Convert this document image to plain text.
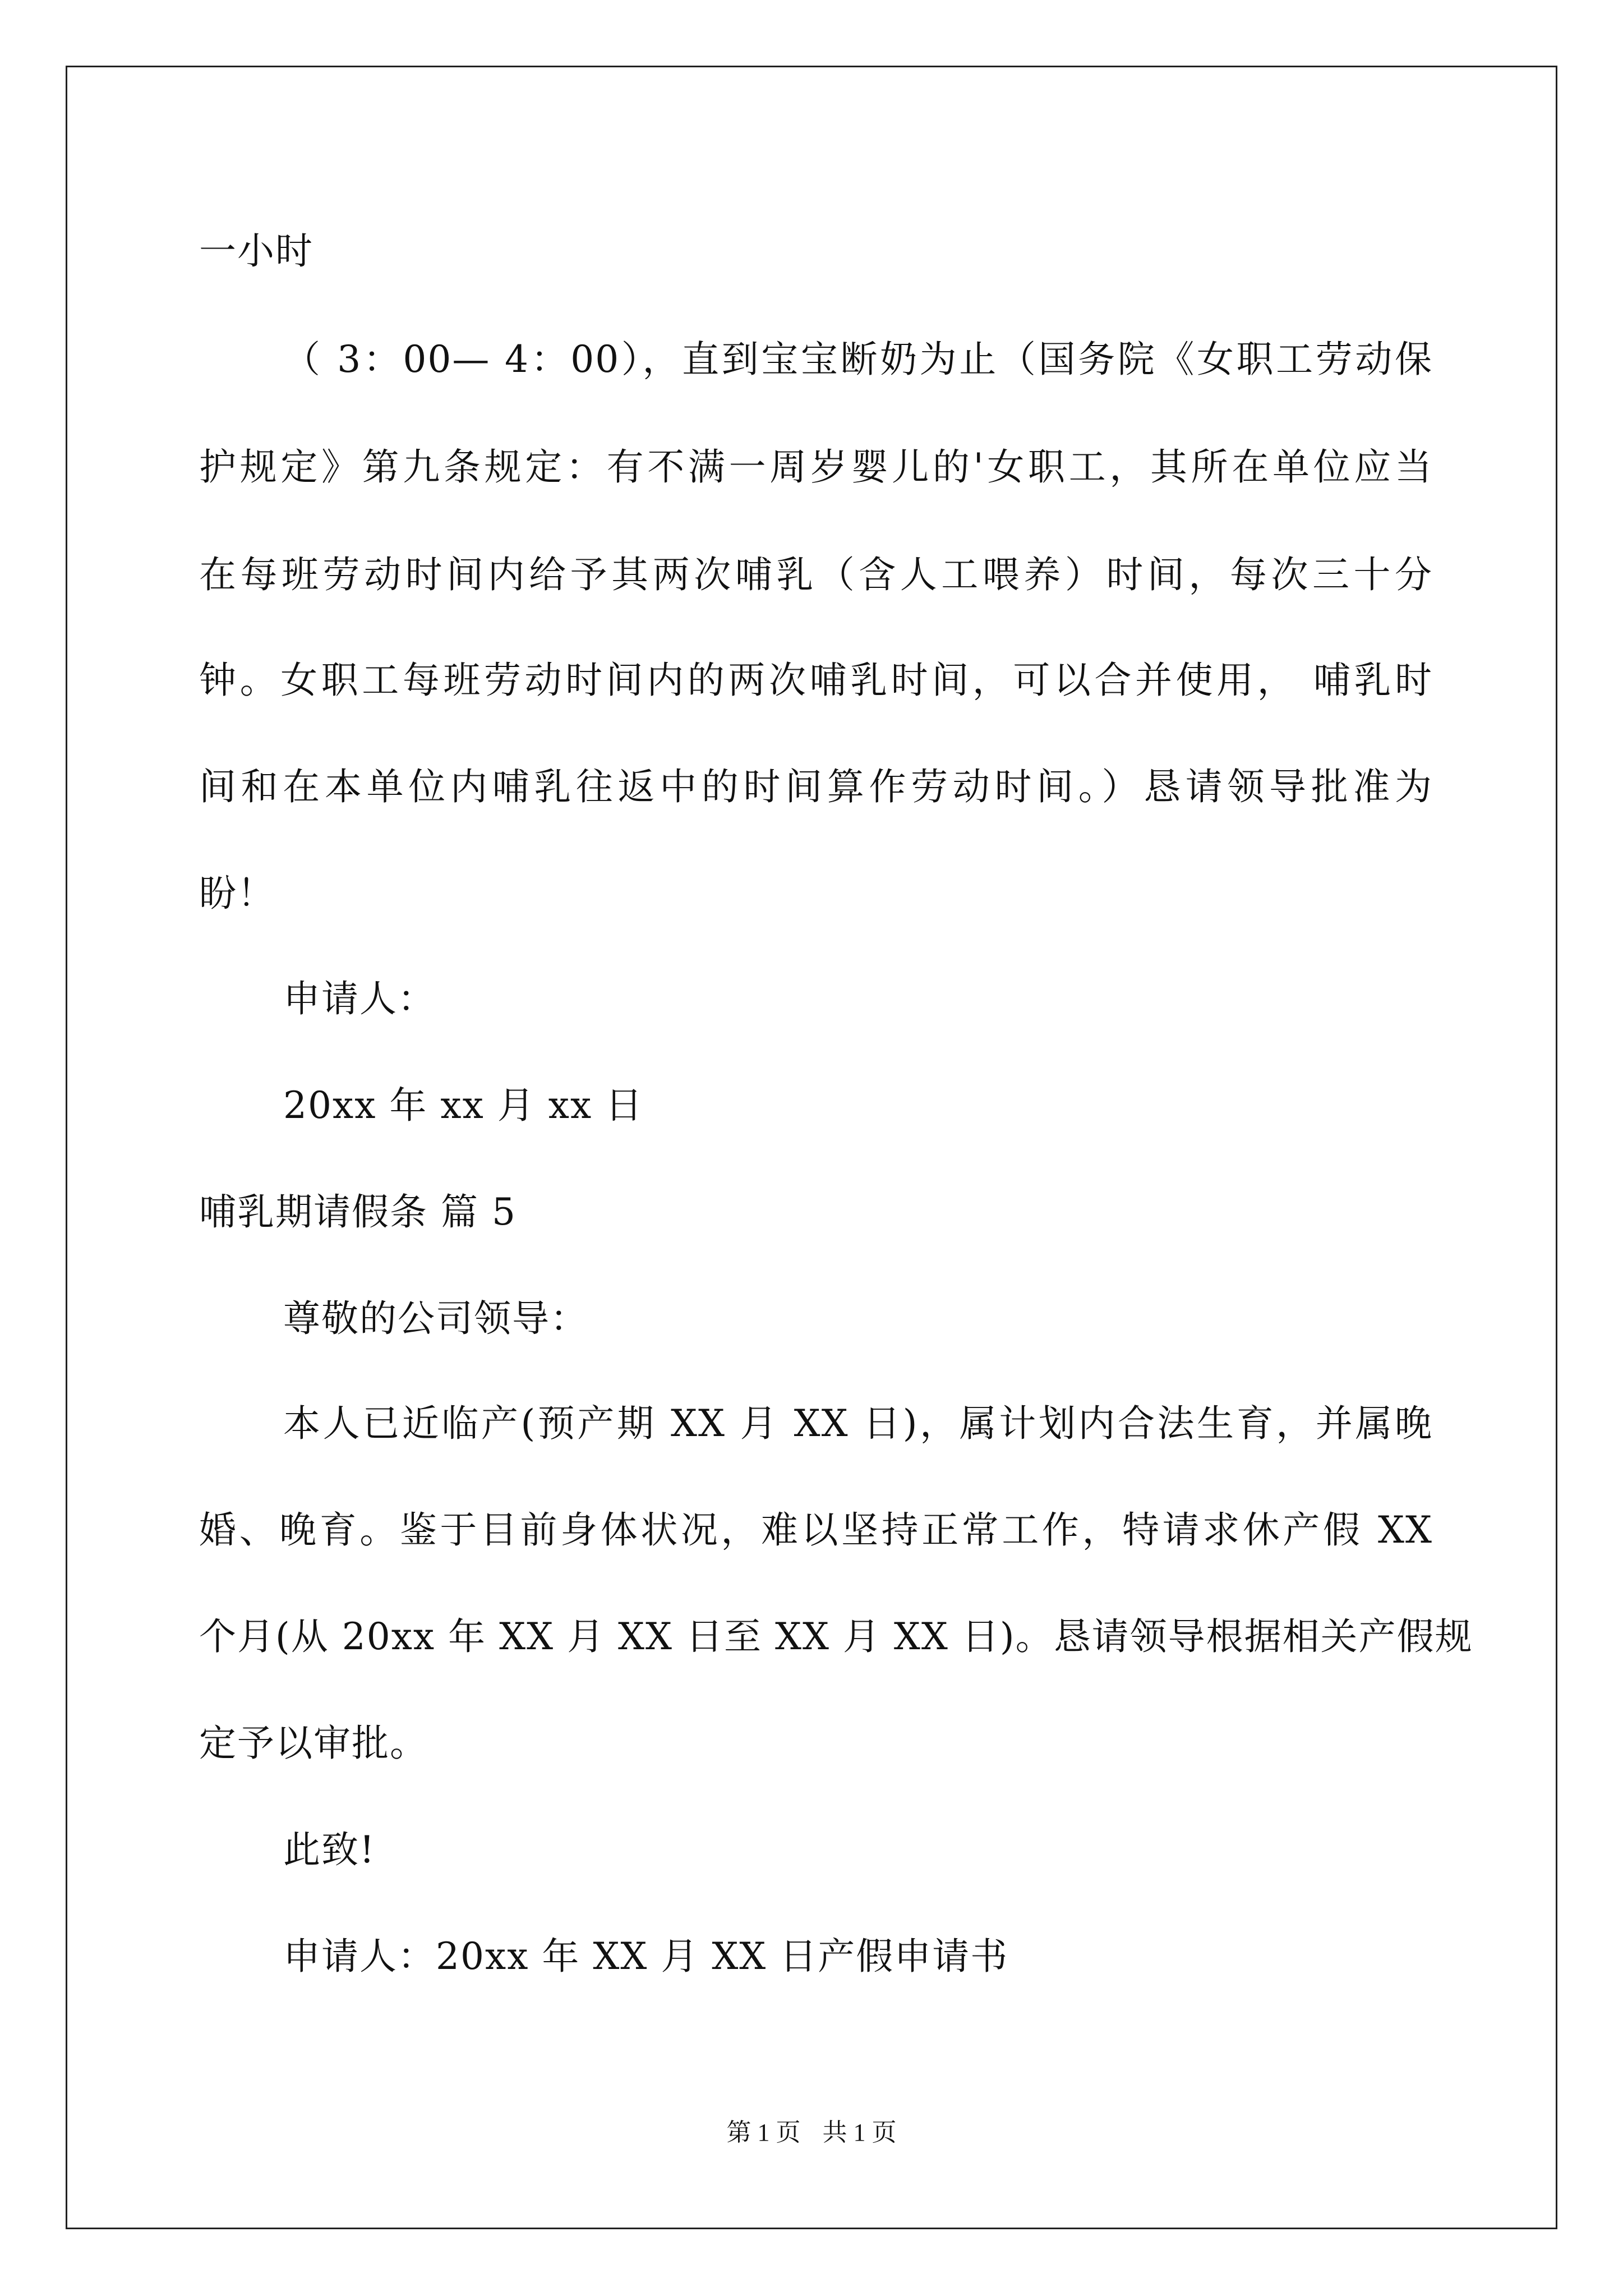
一小时
（ 3：00— 4：00），直到宝宝断奶为止（国务院《女职工劳动保
护规定》第九条规定：有不满一周岁婴儿的'女职工，其所在单位应当
在每班劳动时间内给予其两次哺乳（含人工喂养）时间，每次三十分
钟。女职工每班劳动时间内的两次哺乳时间，可以合并使用， 哺乳时
间和在本单位内哺乳往返中的时间算作劳动时间。）恳请领导批准为
盼！
申请人：
20xx 年 xx 月 xx 日
哺乳期请假条 篇 5
尊敬的公司领导：
本人已近临产(预产期 XX 月 XX 日)，属计划内合法生育，并属晚
婚、晚育。鉴于目前身体状况，难以坚持正常工作，特请求休产假 XX
个月(从 20xx 年 XX 月 XX 日至 XX 月 XX 日)。恳请领导根据相关产假规
定予以审批。
此致!
申请人：20xx 年 XX 月 XX 日产假申请书
第 1 页 共 1 页
